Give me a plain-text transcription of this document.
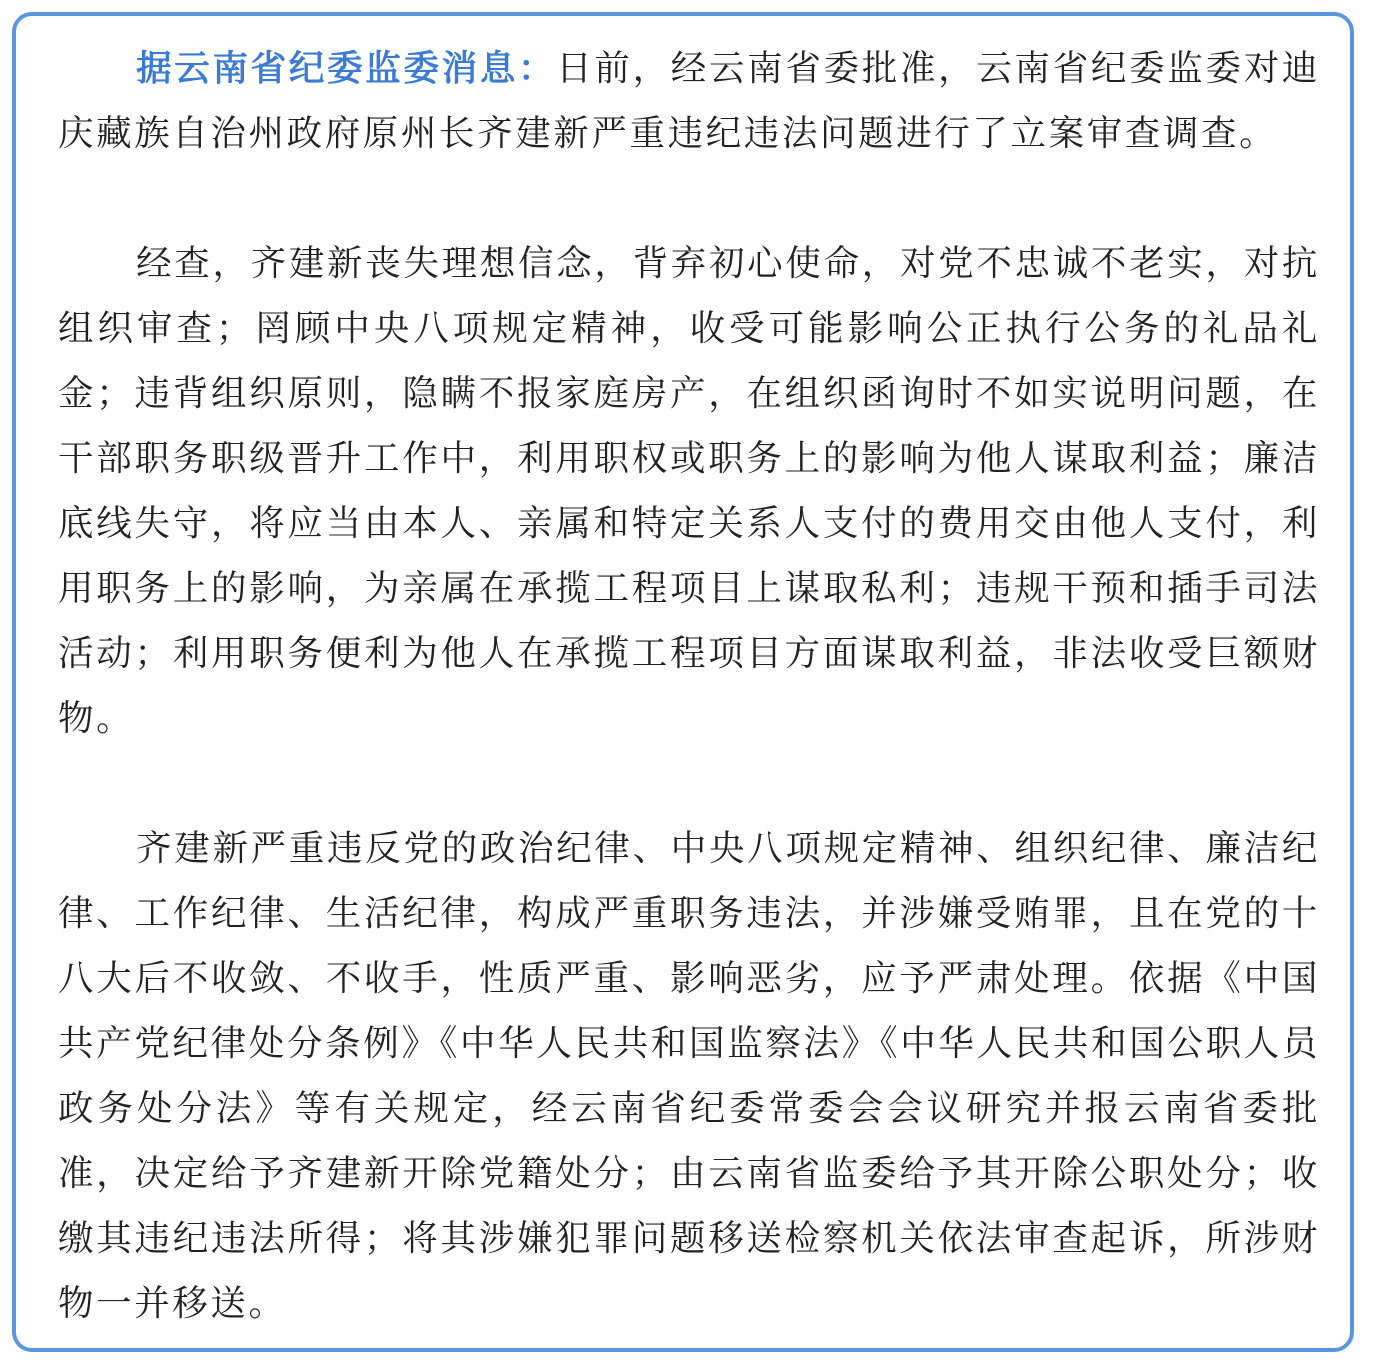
据云南省纪委监委消息：日前，经云南省委批准，云南省纪委监委对迪庆藏族自治州政府原州长齐建新严重违纪违法问题进行了立案审查调查。

经查，齐建新丧失理想信念，背弃初心使命，对党不忠诚不老实，对抗组织审查；罔顾中央八项规定精神，收受可能影响公正执行公务的礼品礼金；违背组织原则，隐瞒不报家庭房产，在组织函询时不如实说明问题，在干部职务职级晋升工作中，利用职权或职务上的影响为他人谋取利益；廉洁底线失守，将应当由本人、亲属和特定关系人支付的费用交由他人支付，利用职务上的影响，为亲属在承揽工程项目上谋取私利；违规干预和插手司法活动；利用职务便利为他人在承揽工程项目方面谋取利益，非法收受巨额财物。

齐建新严重违反党的政治纪律、中央八项规定精神、组织纪律、廉洁纪律、工作纪律、生活纪律，构成严重职务违法，并涉嫌受贿罪，且在党的十八大后不收敛、不收手，性质严重、影响恶劣，应予严肃处理。依据《中国共产党纪律处分条例》《中华人民共和国监察法》《中华人民共和国公职人员政务处分法》等有关规定，经云南省纪委常委会会议研究并报云南省委批准，决定给予齐建新开除党籍处分；由云南省监委给予其开除公职处分；收缴其违纪违法所得；将其涉嫌犯罪问题移送检察机关依法审查起诉，所涉财物一并移送。
